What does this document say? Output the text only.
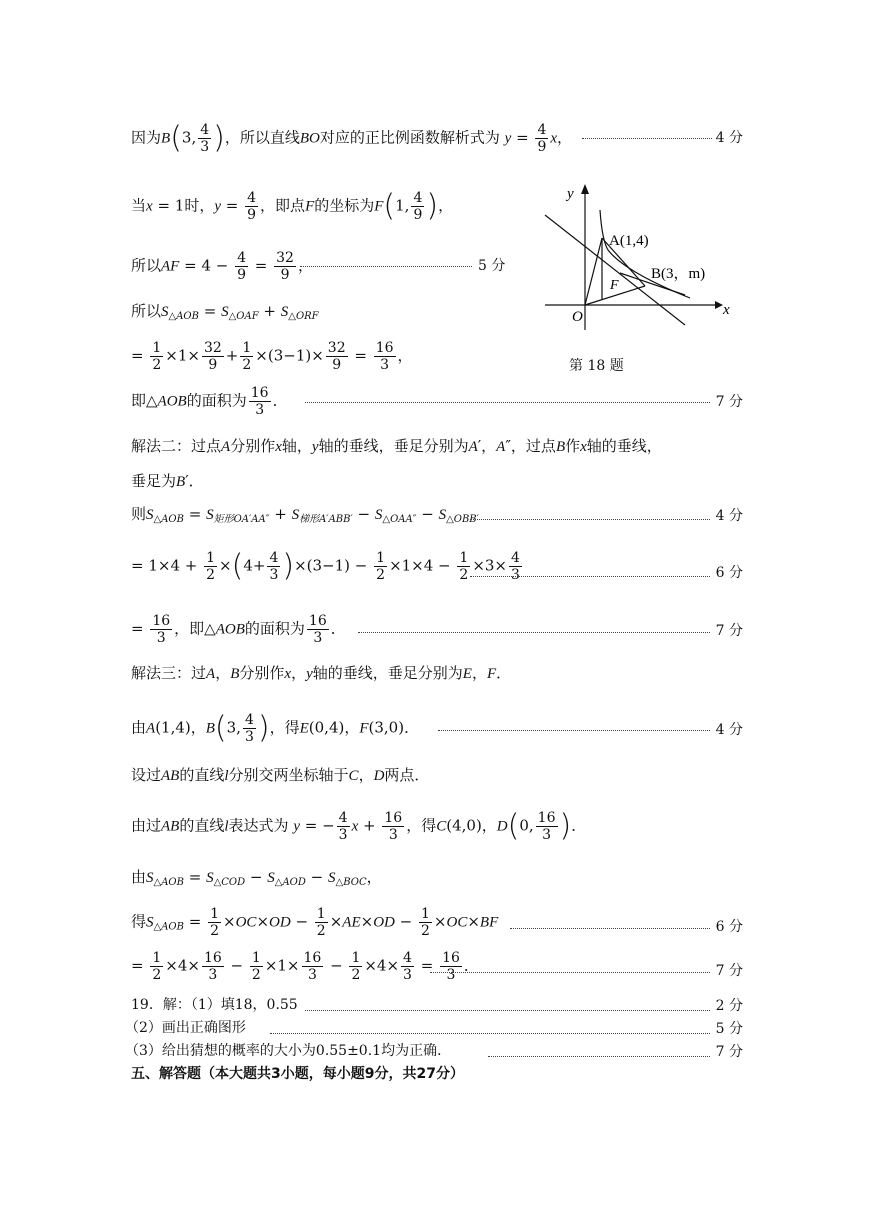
因为B(3, $\frac{4}{3}$ )，所以直线BO对应的正比例函数解析式为 $y = \frac{4}{9}$ x，	4 分
当x = 1时，$y = \frac{4}{9}$ ，即点F的坐标为F(1, $\frac{4}{9}$ )，
所以AF = $4 - \frac{4}{9} = \frac{32}{9}$ ，	5 分
所以$S_{\triangle AOB} = S_{\triangle OAF} + S_{\triangle ORF}$
= $\frac{1}{2} \times 1\times \frac{32}{9} + \frac{1}{2} \times(3-1)\times \frac{32}{9} = \frac{16}{3}$ ，
即△AOB的面积为 $\frac{16}{3}$ ．	7 分
解法二：过点A分别作x轴，y轴的垂线，垂足分别为A′，A″，过点B作x轴的垂线，
垂足为B′．
则$S_{\triangle AOB} = S_{矩形OA'AA''} + S_{梯形A'ABB'} - S_{\triangle OAA''} - S_{\triangle OBB'}$	4 分
= $1\times 4 + \frac{1}{2} \times(4+ \frac{4}{3} )\times(3-1) - \frac{1}{2} \times 1\times 4 - \frac{1}{2} \times 3\times \frac{4}{3}$	6 分
= $\frac{16}{3}$ ，即△AOB的面积为 $\frac{16}{3}$ ．	7 分
解法三：过A，B分别作x，y轴的垂线，垂足分别为E，F．
由A(1,4)，B(3, $\frac{4}{3}$ )，得E(0,4)，F(3,0)．	4 分
设过AB的直线l分别交两坐标轴于C，D两点．
由过AB的直线l表达式为 y = − $\frac{4}{3}$ $x + \frac{16}{3}$ ，得C(4,0)，D(0, $\frac{16}{3}$ )．
由$S_{\triangle AOB} = S_{\triangle COD} - S_{\triangle AOD} - S_{\triangle BOC}$，
得$S_{\triangle AOB} = \frac{1}{2} \times OC\times OD - \frac{1}{2} \times AE\times OD - \frac{1}{2} \times OC\times BF$	6 分
= $\frac{1}{2} \times 4\times \frac{16}{3} - \frac{1}{2} \times 1\times \frac{16}{3} - \frac{1}{2} \times 4\times \frac{4}{3} = \frac{16}{3}$ ．	7 分
19．解：（1）填18，0.55	2 分
（2）画出正确图形	5 分
（3）给出猜想的概率的大小为0.55±0.1均为正确．	7 分
五、解答题（本大题共3小题，每小题9分，共27分）
y
x
O
A(1,4)
B(3，m)
F
第 18 题
